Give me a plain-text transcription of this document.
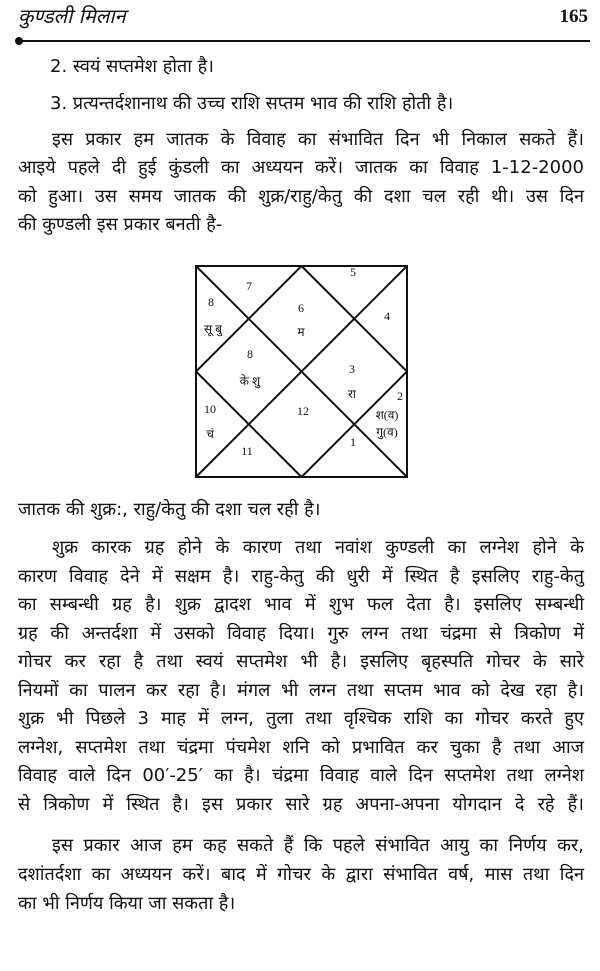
कुण्डली मिलान	165
2. स्वयं सप्तमेश होता है।
3. प्रत्यन्तर्दशानाथ की उच्च राशि सप्तम भाव की राशि होती है।
इस प्रकार हम जातक के विवाह का संभावित दिन भी निकाल सकते हैं।
आइये पहले दी हुई कुंडली का अध्ययन करें। जातक का विवाह 1-12-2000
को हुआ। उस समय जातक की शुक्र/राहु/केतु की दशा चल रही थी। उस दिन
की कुण्डली इस प्रकार बनती है-
5
7
8
सू बु
6
म
4
8
के शु
3
रा	2
श(व)
गु(व)
10
चं
12
11
1
जातक की शुक्र:, राहु/केतु की दशा चल रही है।
शुक्र कारक ग्रह होने के कारण तथा नवांश कुण्डली का लग्नेश होने के
कारण विवाह देने में सक्षम है। राहु-केतु की धुरी में स्थित है इसलिए राहु-केतु
का सम्बन्धी ग्रह है। शुक्र द्वादश भाव में शुभ फल देता है। इसलिए सम्बन्धी
ग्रह की अन्तर्दशा में उसको विवाह दिया। गुरु लग्न तथा चंद्रमा से त्रिकोण में
गोचर कर रहा है तथा स्वयं सप्तमेश भी है। इसलिए बृहस्पति गोचर के सारे
नियमों का पालन कर रहा है। मंगल भी लग्न तथा सप्तम भाव को देख रहा है।
शुक्र भी पिछले 3 माह में लग्न, तुला तथा वृश्चिक राशि का गोचर करते हुए
लग्नेश, सप्तमेश तथा चंद्रमा पंचमेश शनि को प्रभावित कर चुका है तथा आज
विवाह वाले दिन 00′-25′ का है। चंद्रमा विवाह वाले दिन सप्तमेश तथा लग्नेश
से त्रिकोण में स्थित है। इस प्रकार सारे ग्रह अपना-अपना योगदान दे रहे हैं।
इस प्रकार आज हम कह सकते हैं कि पहले संभावित आयु का निर्णय कर,
दशांतर्दशा का अध्ययन करें। बाद में गोचर के द्वारा संभावित वर्ष, मास तथा दिन
का भी निर्णय किया जा सकता है।
